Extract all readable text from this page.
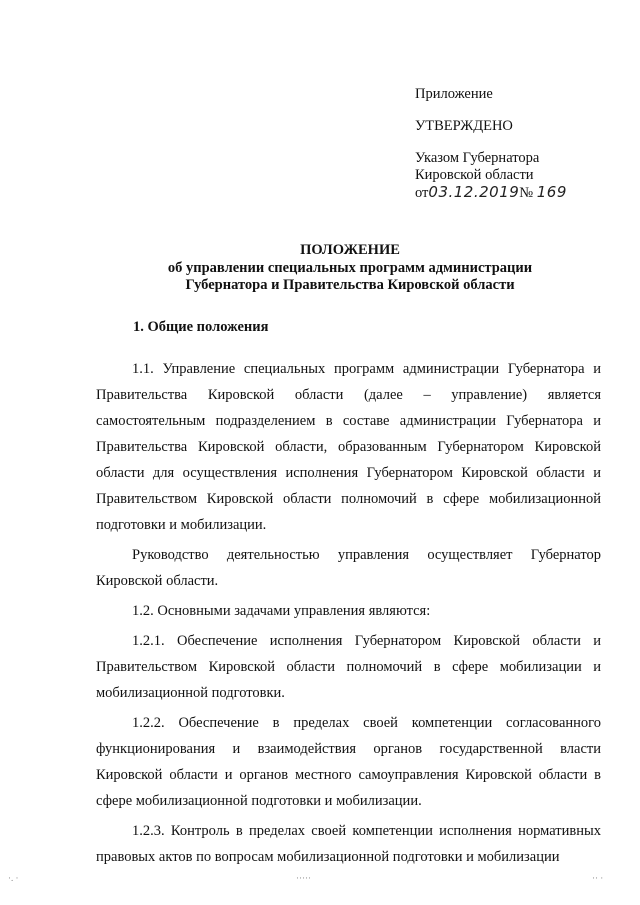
Приложение
УТВЕРЖДЕНО
Указом Губернатора
Кировской области
от03.12.2019№ 169
ПОЛОЖЕНИЕ
об управлении специальных программ администрации
Губернатора и Правительства Кировской области
1. Общие положения

1.1. Управление специальных программ администрации Губернатора и Правительства Кировской области (далее – управление) является самостоятельным подразделением в составе администрации Губернатора и Правительства Кировской области, образованным Губернатором Кировской области для осуществления исполнения Губернатором Кировской области и Правительством Кировской области полномочий в сфере мобилизационной подготовки и мобилизации.

Руководство деятельностью управления осуществляет Губернатор Кировской области.

1.2. Основными задачами управления являются:

1.2.1. Обеспечение исполнения Губернатором Кировской области и Правительством Кировской области полномочий в сфере мобилизации и мобилизационной подготовки.

1.2.2. Обеспечение в пределах своей компетенции согласованного функционирования и взаимодействия органов государственной власти Кировской области и органов местного самоуправления Кировской области в сфере мобилизационной подготовки и мобилизации.

1.2.3. Контроль в пределах своей компетенции исполнения нормативных правовых актов по вопросам мобилизационной подготовки и мобилизации

·. ·	·····	·· ·
